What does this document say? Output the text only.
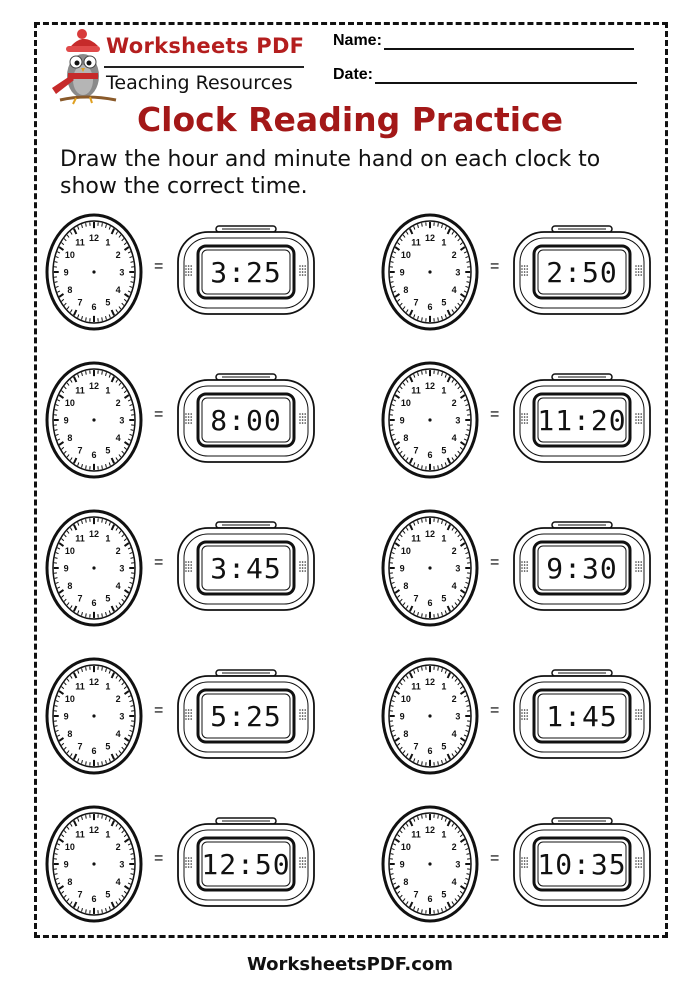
Worksheets PDF
Teaching Resources
Name:
Date:
Clock Reading Practice
Draw the hour and minute hand on each clock to show the correct time.
12 1
2
3
4
5
6
7
8
9
10
11
= 3:25
12 1
2
3
4
5
6
7
8
9
10
11
= 2:50
12 1
2
3
4
5
6
7
8
9
10
11
= 8:00
12 1
2
3
4
5
6
7
8
9
10
11
= 11:20
12 1
2
3
4
5
6
7
8
9
10
11
= 3:45
12 1
2
3
4
5
6
7
8
9
10
11
= 9:30
12 1
2
3
4
5
6
7
8
9
10
11
= 5:25
12 1
2
3
4
5
6
7
8
9
10
11
= 1:45
12 1
2
3
4
5
6
7
8
9
10
11
= 12:50
12 1
2
3
4
5
6
7
8
9
10
11
= 10:35
WorksheetsPDF.com
